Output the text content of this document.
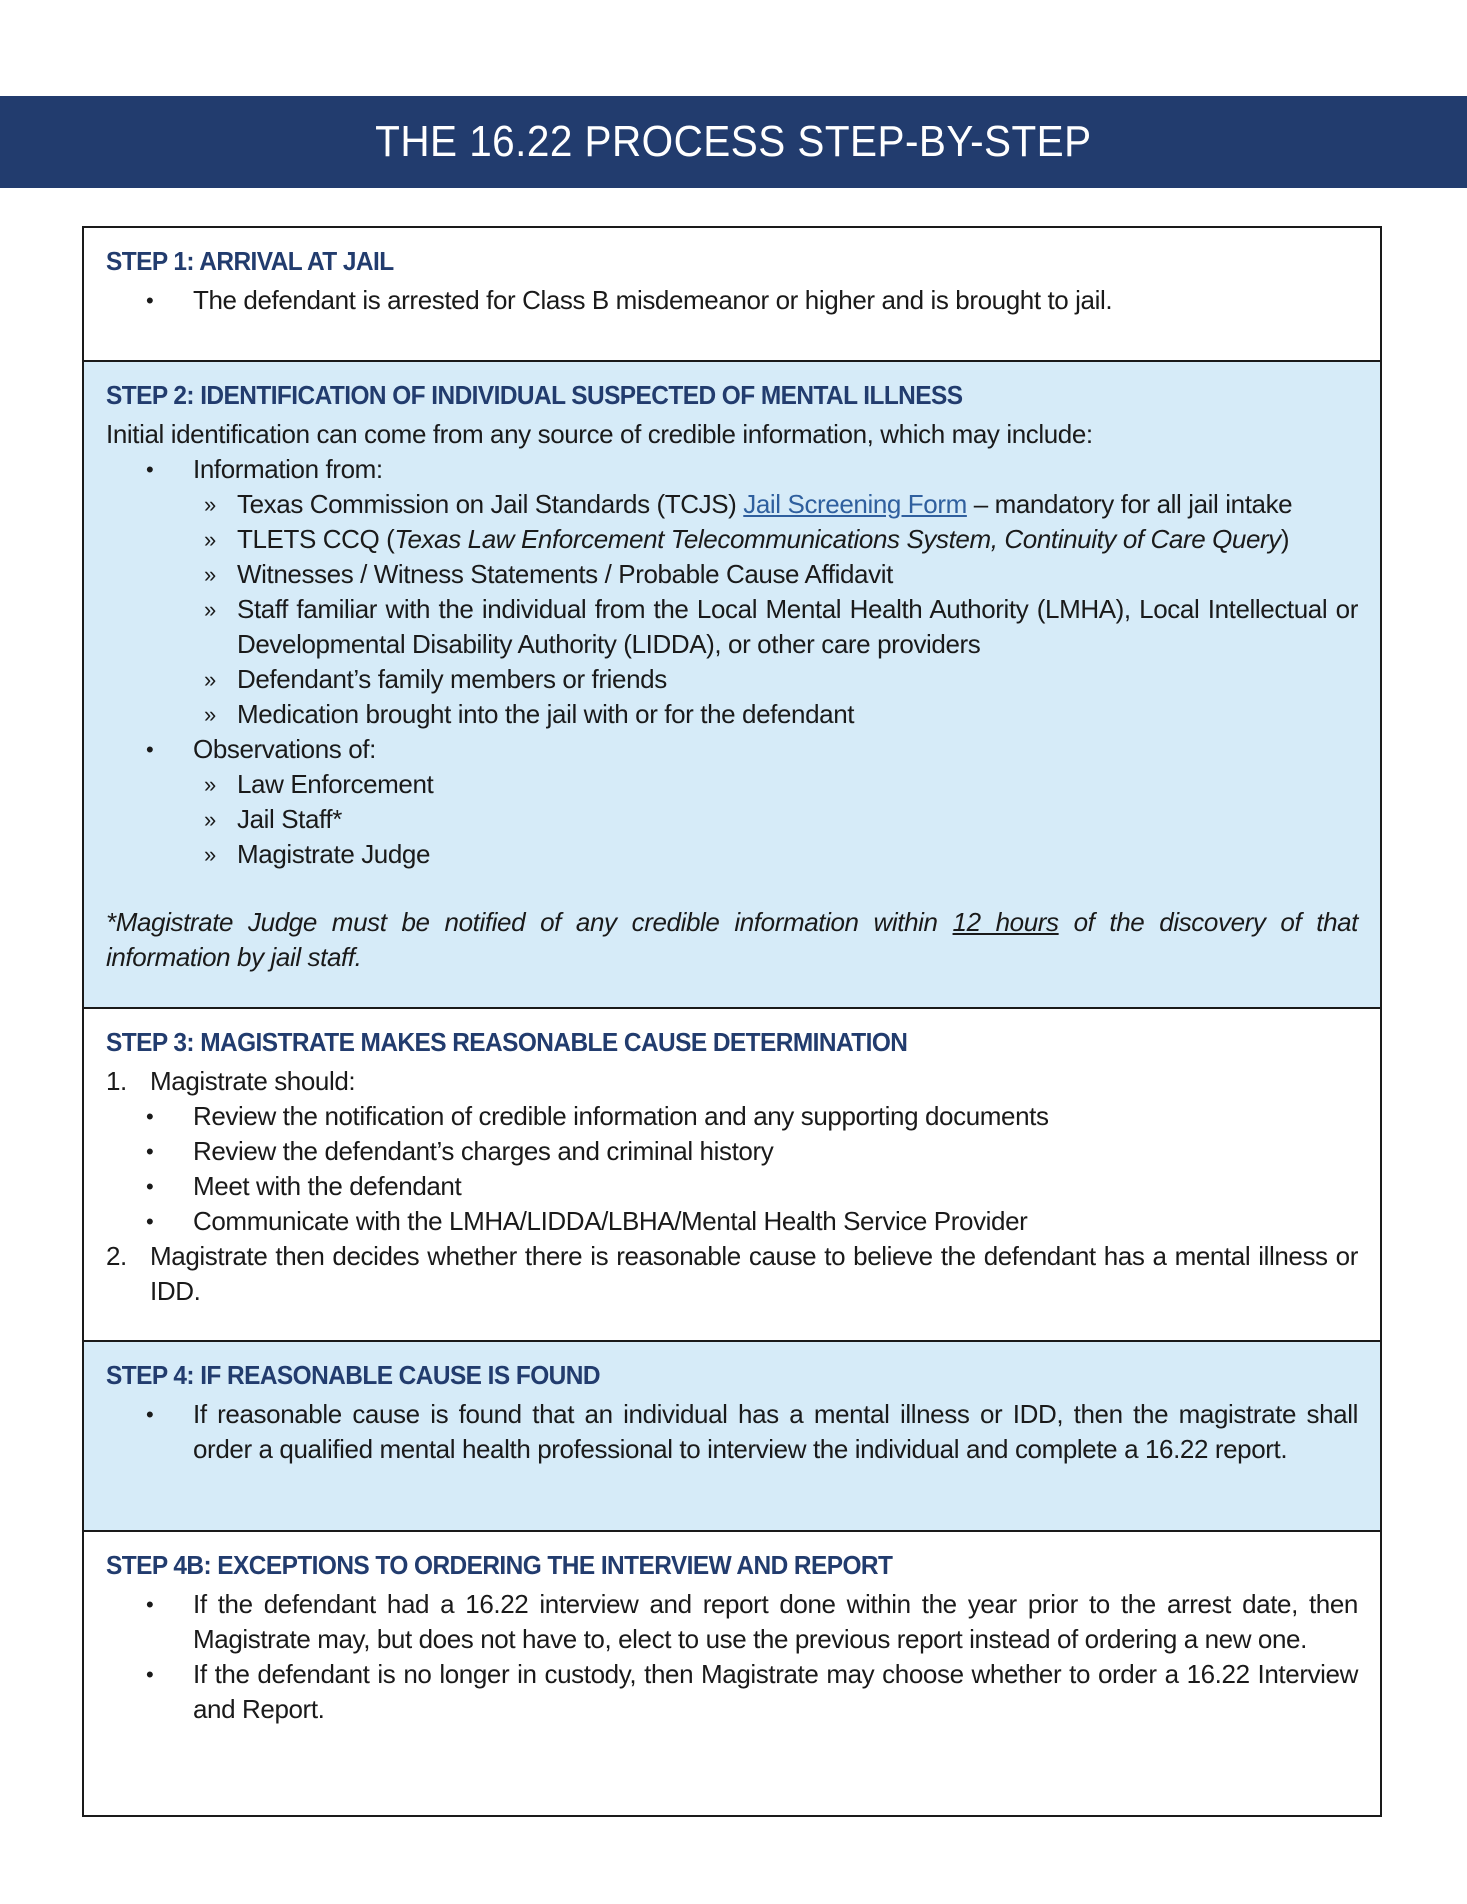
THE 16.22 PROCESS STEP-BY-STEP
STEP 1: ARRIVAL AT JAIL
• The defendant is arrested for Class B misdemeanor or higher and is brought to jail.
STEP 2: IDENTIFICATION OF INDIVIDUAL SUSPECTED OF MENTAL ILLNESS
Initial identification can come from any source of credible information, which may include:
• Information from:
» Texas Commission on Jail Standards (TCJS) Jail Screening Form – mandatory for all jail intake
» TLETS CCQ (Texas Law Enforcement Telecommunications System, Continuity of Care Query)
» Witnesses / Witness Statements / Probable Cause Affidavit
» Staff familiar with the individual from the Local Mental Health Authority (LMHA), Local Intellectual or Developmental Disability Authority (LIDDA), or other care providers
» Defendant’s family members or friends
» Medication brought into the jail with or for the defendant
• Observations of:
» Law Enforcement
» Jail Staff*
» Magistrate Judge
*Magistrate Judge must be notified of any credible information within 12 hours of the discovery of that information by jail staff.
STEP 3: MAGISTRATE MAKES REASONABLE CAUSE DETERMINATION
1. Magistrate should:
• Review the notification of credible information and any supporting documents
• Review the defendant’s charges and criminal history
• Meet with the defendant
• Communicate with the LMHA/LIDDA/LBHA/Mental Health Service Provider
2. Magistrate then decides whether there is reasonable cause to believe the defendant has a mental illness or IDD.
STEP 4: IF REASONABLE CAUSE IS FOUND
• If reasonable cause is found that an individual has a mental illness or IDD, then the magistrate shall order a qualified mental health professional to interview the individual and complete a 16.22 report.
STEP 4B: EXCEPTIONS TO ORDERING THE INTERVIEW AND REPORT
• If the defendant had a 16.22 interview and report done within the year prior to the arrest date, then Magistrate may, but does not have to, elect to use the previous report instead of ordering a new one.
• If the defendant is no longer in custody, then Magistrate may choose whether to order a 16.22 Interview and Report.
